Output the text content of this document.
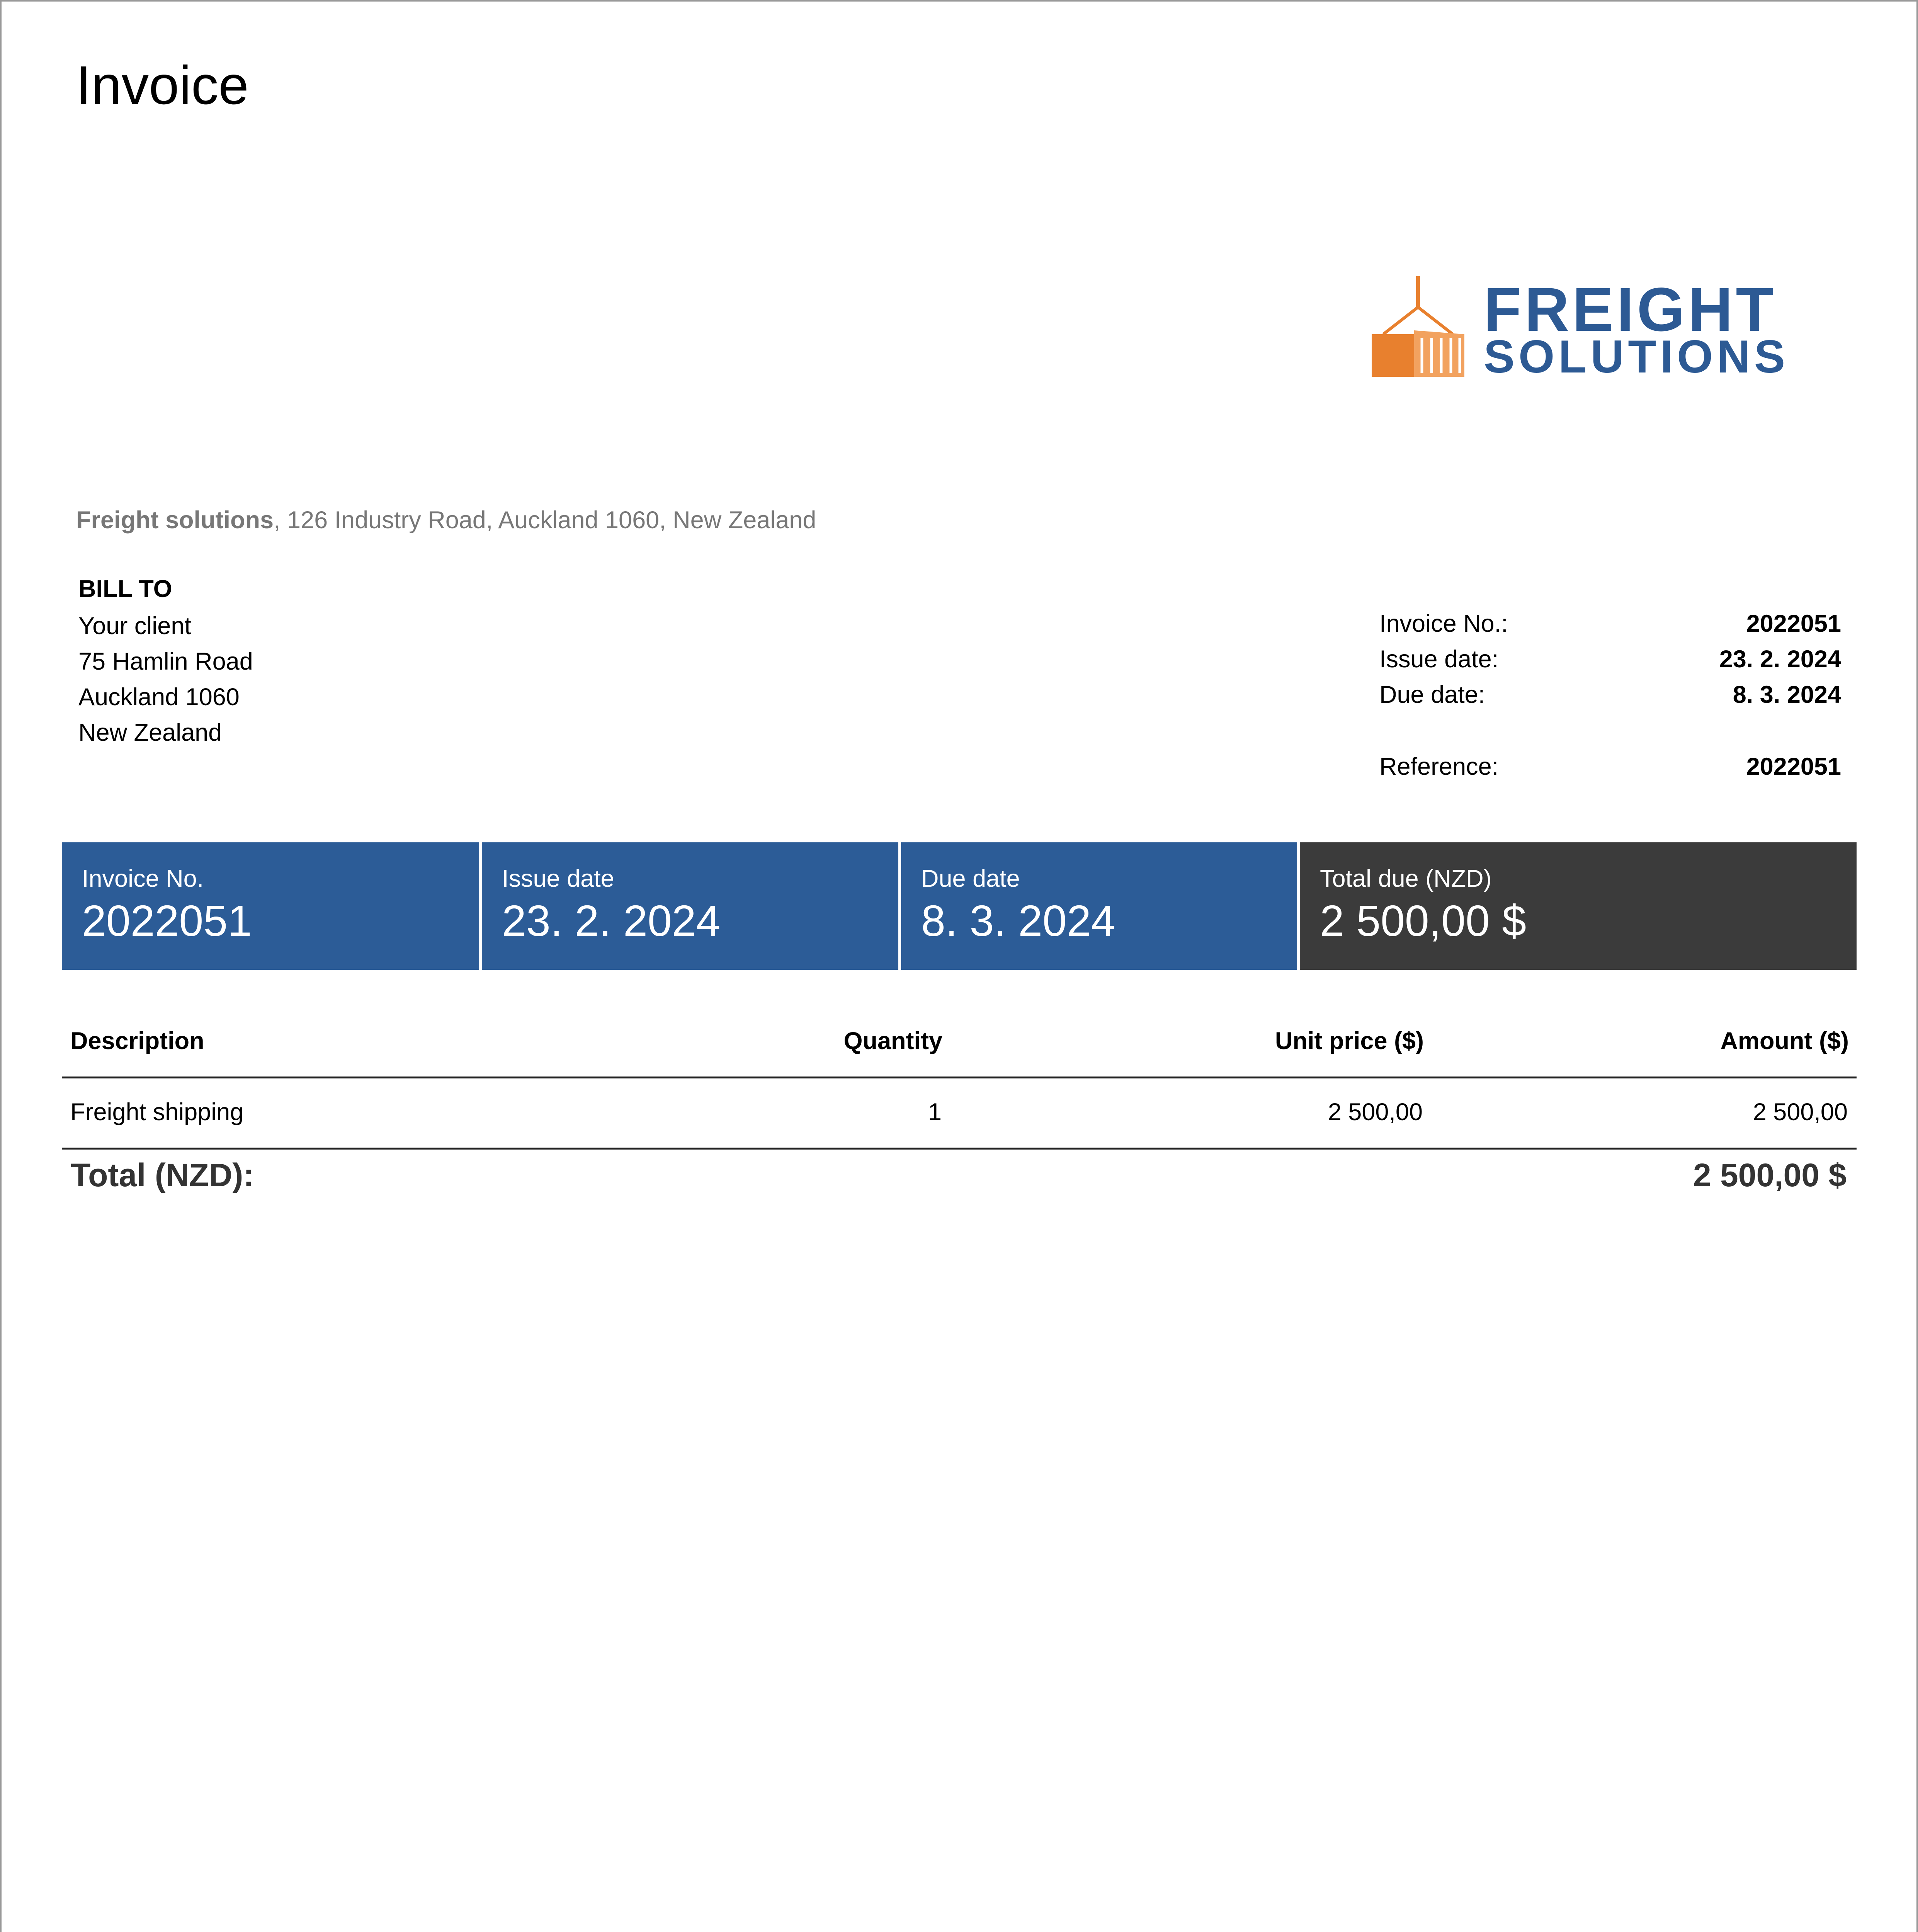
Invoice
FREIGHT
SOLUTIONS
Freight solutions, 126 Industry Road, Auckland 1060, New Zealand
BILL TO
Your client
75 Hamlin Road
Auckland 1060
New Zealand
Invoice No.:	2022051
Issue date:	23. 2. 2024
Due date:	8. 3. 2024
Reference:	2022051
Invoice No.
2022051
Issue date
23. 2. 2024
Due date
8. 3. 2024
Total due (NZD)
2 500,00 $
Description	Quantity	Unit price ($)	Amount ($)
Freight shipping	1	2 500,00	2 500,00
Total (NZD):	2 500,00 $
